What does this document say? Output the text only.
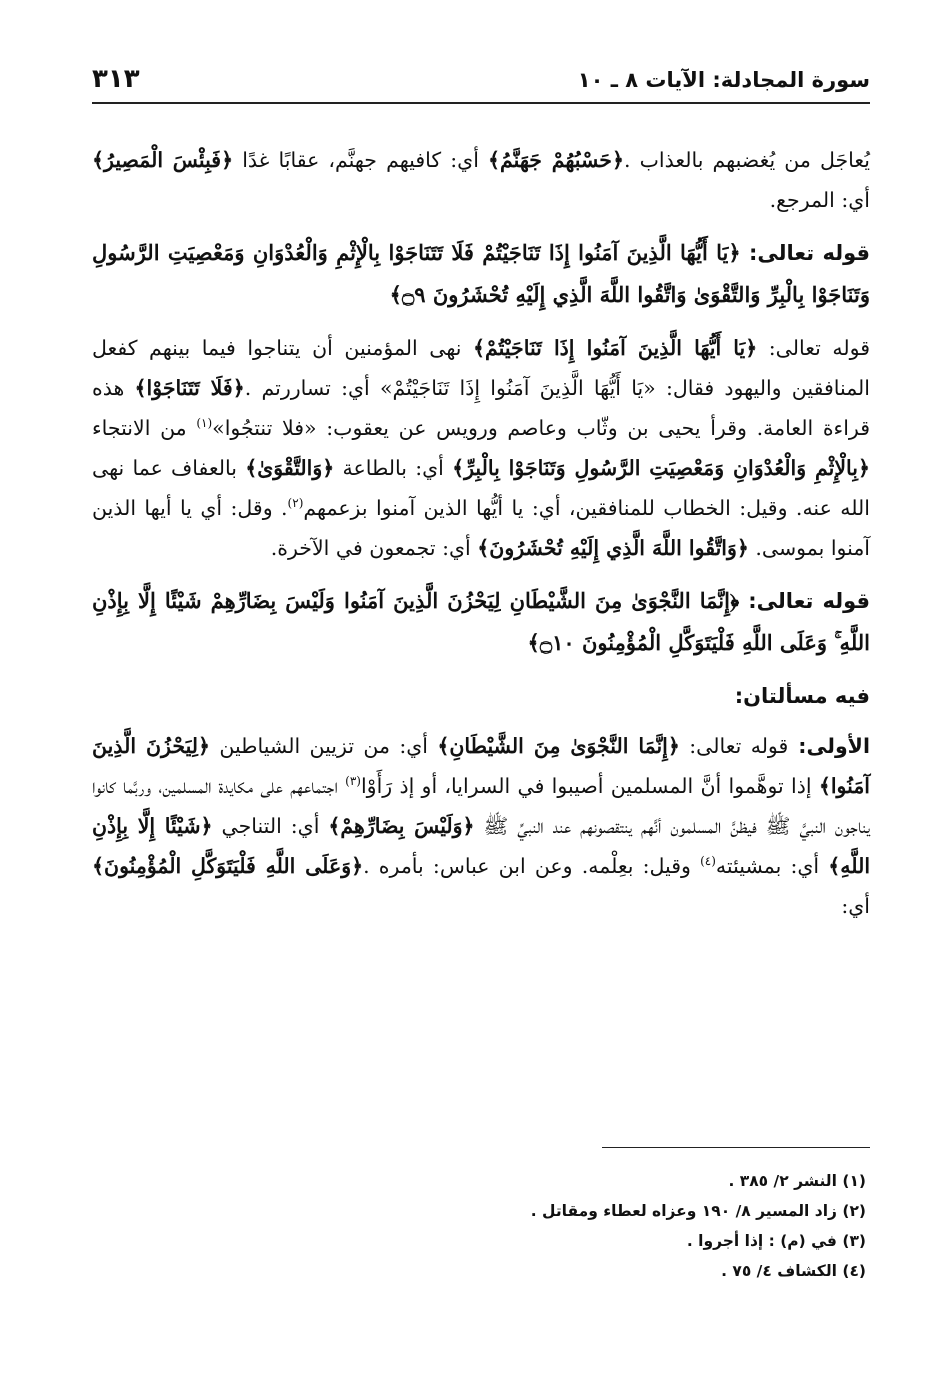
سورة المجادلة: الآيات ٨ ـ ١٠
٣١٣

يُعاجَل من يُغضبهم بالعذاب .﴿حَسْبُهُمْ جَهَنَّمُ﴾ أي: كافيهم جهنَّم، عقابًا غدًا ﴿فَبِئْسَ الْمَصِيرُ﴾ أي: المرجع.

قوله تعالى: ﴿يَا أَيُّهَا الَّذِينَ آمَنُوا إِذَا تَنَاجَيْتُمْ فَلَا تَتَنَاجَوْا بِالْإِثْمِ وَالْعُدْوَانِ وَمَعْصِيَتِ الرَّسُولِ وَتَنَاجَوْا بِالْبِرِّ وَالتَّقْوَىٰ وَاتَّقُوا اللَّهَ الَّذِي إِلَيْهِ تُحْشَرُونَ ۝٩﴾

قوله تعالى: ﴿يَا أَيُّهَا الَّذِينَ آمَنُوا إِذَا تَنَاجَيْتُمْ﴾ نهى المؤمنين أن يتناجوا فيما بينهم كفعل المنافقين واليهود فقال: «يَا أَيُّهَا الَّذِينَ آمَنُوا إِذَا تَنَاجَيْتُمْ» أي: تساررتم .﴿فَلَا تَتَنَاجَوْا﴾ هذه قراءة العامة. وقرأ يحيى بن وثّاب وعاصم ورويس عن يعقوب: «فلا تنتجُوا»$^{(١)}$ من الانتجاء ﴿بِالْإِثْمِ وَالْعُدْوَانِ وَمَعْصِيَتِ الرَّسُولِ وَتَنَاجَوْا بِالْبِرِّ﴾ أي: بالطاعة ﴿وَالتَّقْوَىٰ﴾ بالعفاف عما نهى الله عنه. وقيل: الخطاب للمنافقين، أي: يا أيُّها الذين آمنوا بزعمهم$^{(٢)}$. وقل: أي يا أيها الذين آمنوا بموسى. ﴿وَاتَّقُوا اللَّهَ الَّذِي إِلَيْهِ تُحْشَرُونَ﴾ أي: تجمعون في الآخرة.

قوله تعالى: ﴿إِنَّمَا النَّجْوَىٰ مِنَ الشَّيْطَانِ لِيَحْزُنَ الَّذِينَ آمَنُوا وَلَيْسَ بِضَارِّهِمْ شَيْئًا إِلَّا بِإِذْنِ اللَّهِ ۚ وَعَلَى اللَّهِ فَلْيَتَوَكَّلِ الْمُؤْمِنُونَ ۝١٠﴾

فيه مسألتان:

الأولى: قوله تعالى: ﴿إِنَّمَا النَّجْوَىٰ مِنَ الشَّيْطَانِ﴾ أي: من تزيين الشياطين ﴿لِيَحْزُنَ الَّذِينَ آمَنُوا﴾ إذا توهَّموا أنَّ المسلمين أصيبوا في السرايا، أو إذ رَأَوْا$^{(٣)}$ اجتماعهم على مكايدة المسلمين، وربَّما كانوا يناجون النبيَّ ﷺ فيظنَّ المسلمون أنَّهم ينتقصونهم عند النبيِّ ﷺ ﴿وَلَيْسَ بِضَارِّهِمْ﴾ أي: التناجي ﴿شَيْئًا إِلَّا بِإِذْنِ اللَّهِ﴾ أي: بمشيئته$^{(٤)}$ وقيل: بعِلْمه. وعن ابن عباس: بأمره .﴿وَعَلَى اللَّهِ فَلْيَتَوَكَّلِ الْمُؤْمِنُونَ﴾ أي:

(١) النشر ٢/ ٣٨٥ .

(٢) زاد المسير ٨/ ١٩٠ وعزاه لعطاء ومقاتل .

(٣) في (م) : إذا أجروا .

(٤) الكشاف ٤/ ٧٥ .
